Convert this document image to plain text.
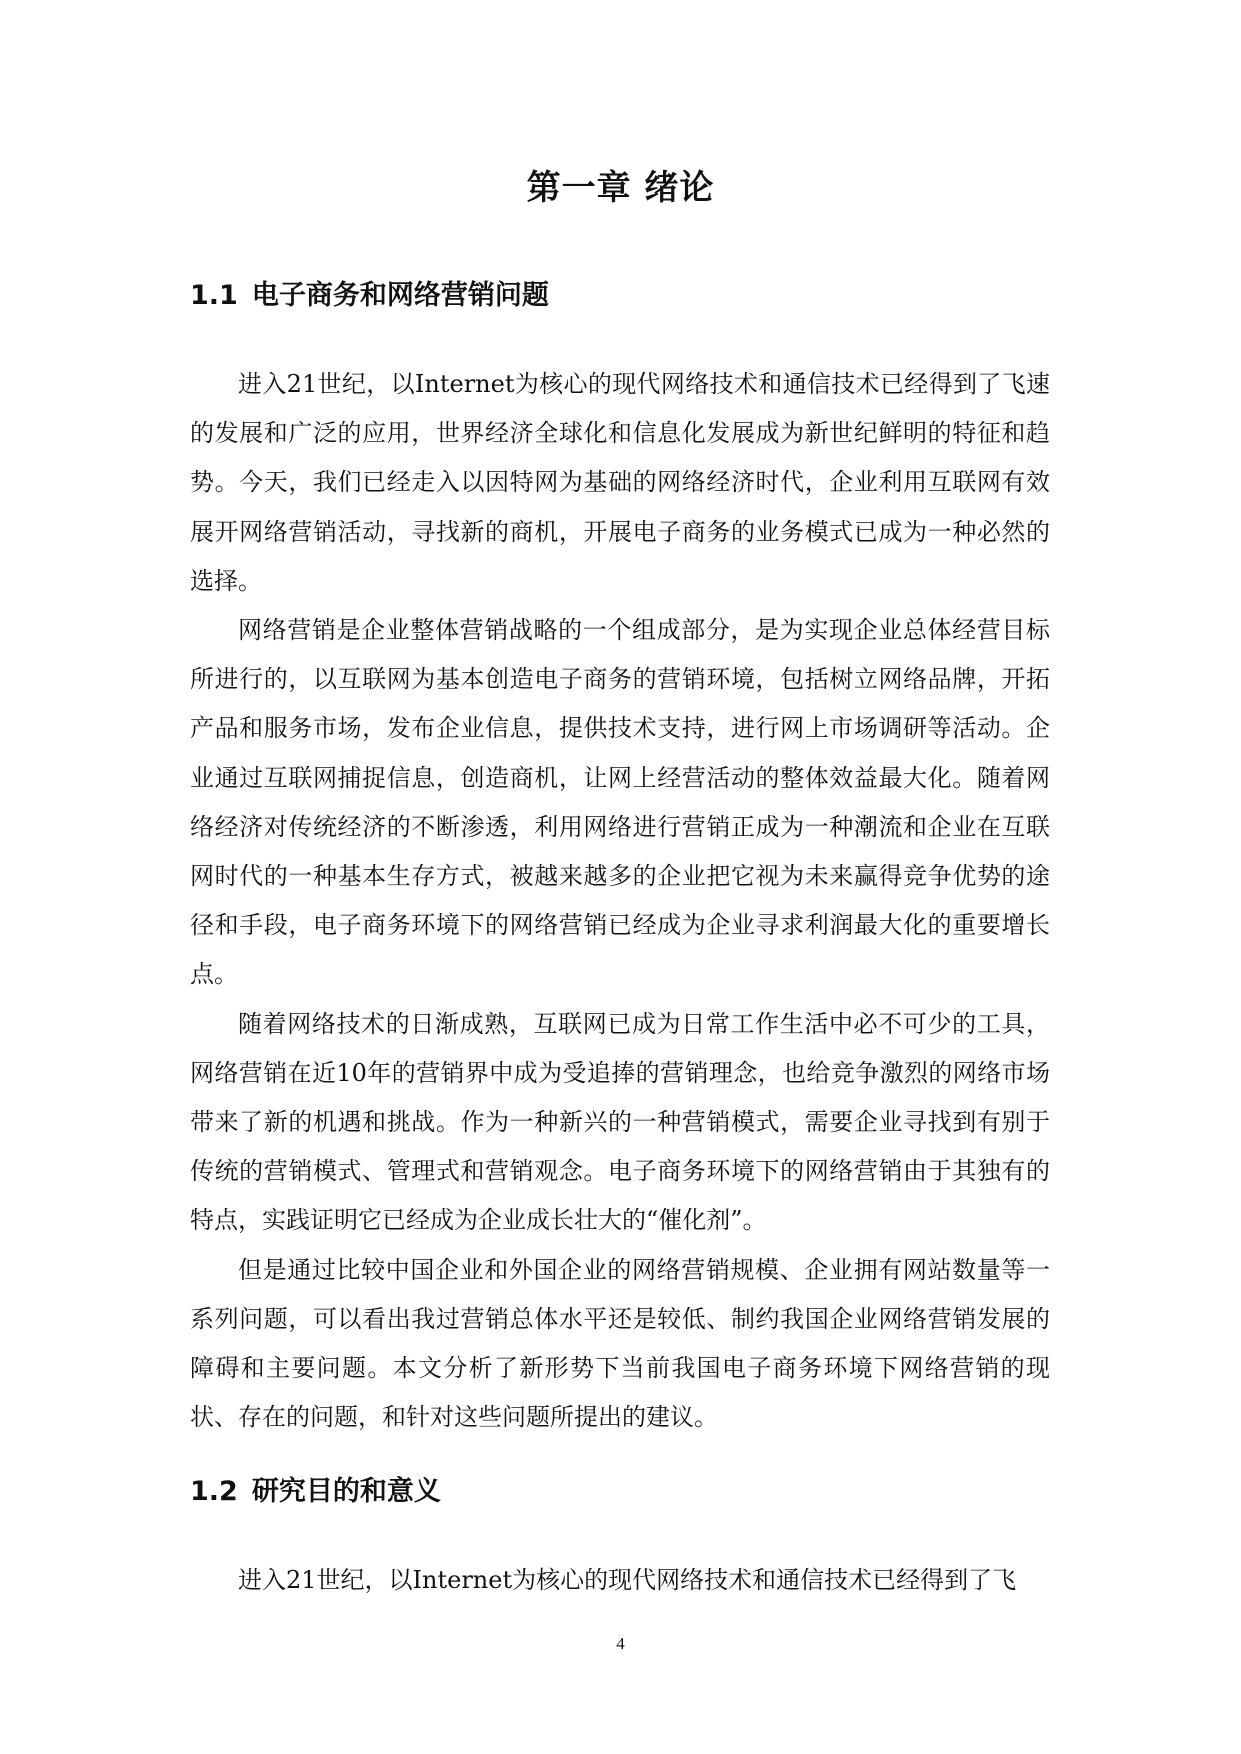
第一章 绪论
1.1 电子商务和网络营销问题

进入21世纪，以Internet为核心的现代网络技术和通信技术已经得到了飞速的发展和广泛的应用，世界经济全球化和信息化发展成为新世纪鲜明的特征和趋势。今天，我们已经走入以因特网为基础的网络经济时代，企业利用互联网有效展开网络营销活动，寻找新的商机，开展电子商务的业务模式已成为一种必然的选择。

网络营销是企业整体营销战略的一个组成部分，是为实现企业总体经营目标所进行的，以互联网为基本创造电子商务的营销环境，包括树立网络品牌，开拓产品和服务市场，发布企业信息，提供技术支持，进行网上市场调研等活动。企业通过互联网捕捉信息，创造商机，让网上经营活动的整体效益最大化。随着网络经济对传统经济的不断渗透，利用网络进行营销正成为一种潮流和企业在互联网时代的一种基本生存方式，被越来越多的企业把它视为未来赢得竞争优势的途径和手段，电子商务环境下的网络营销已经成为企业寻求利润最大化的重要增长点。

随着网络技术的日渐成熟，互联网已成为日常工作生活中必不可少的工具，网络营销在近10年的营销界中成为受追捧的营销理念，也给竞争激烈的网络市场带来了新的机遇和挑战。作为一种新兴的一种营销模式，需要企业寻找到有别于传统的营销模式、管理式和营销观念。电子商务环境下的网络营销由于其独有的特点，实践证明它已经成为企业成长壮大的“催化剂”。

但是通过比较中国企业和外国企业的网络营销规模、企业拥有网站数量等一系列问题，可以看出我过营销总体水平还是较低、制约我国企业网络营销发展的障碍和主要问题。本文分析了新形势下当前我国电子商务环境下网络营销的现状、存在的问题，和针对这些问题所提出的建议。

1.2 研究目的和意义

进入21世纪，以Internet为核心的现代网络技术和通信技术已经得到了飞

4
